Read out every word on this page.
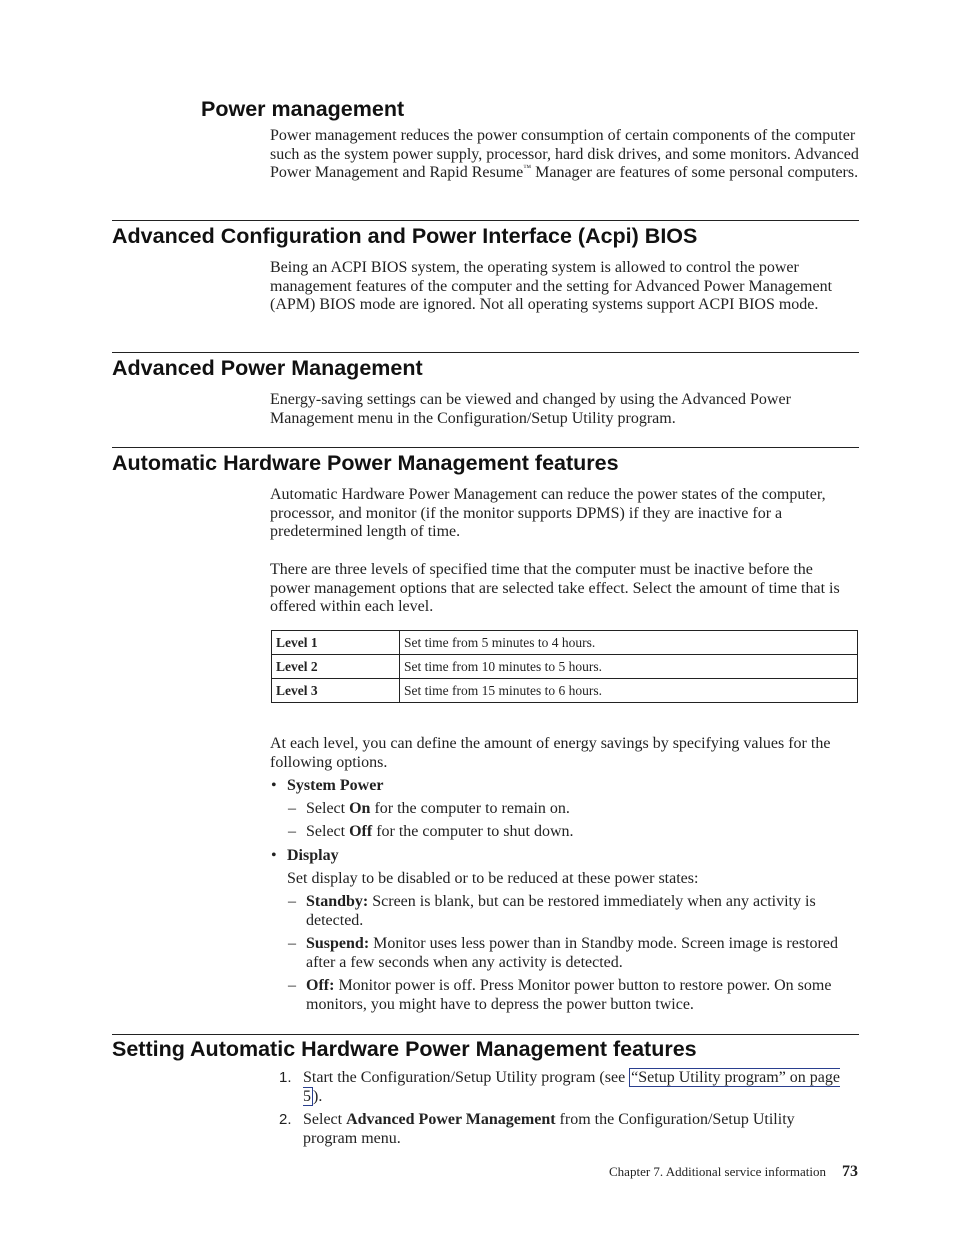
Power management

Power management reduces the power consumption of certain components of the computer such as the system power supply, processor, hard disk drives, and some monitors. Advanced Power Management and Rapid Resume™ Manager are features of some personal computers.

Advanced Configuration and Power Interface (Acpi) BIOS

Being an ACPI BIOS system, the operating system is allowed to control the power management features of the computer and the setting for Advanced Power Management (APM) BIOS mode are ignored. Not all operating systems support ACPI BIOS mode.

Advanced Power Management

Energy-saving settings can be viewed and changed by using the Advanced Power Management menu in the Configuration/Setup Utility program.

Automatic Hardware Power Management features

Automatic Hardware Power Management can reduce the power states of the computer, processor, and monitor (if the monitor supports DPMS) if they are inactive for a predetermined length of time.

There are three levels of specified time that the computer must be inactive before the power management options that are selected take effect. Select the amount of time that is offered within each level.

Level 1	Set time from 5 minutes to 4 hours.
Level 2	Set time from 10 minutes to 5 hours.
Level 3	Set time from 15 minutes to 6 hours.

At each level, you can define the amount of energy savings by specifying values for the following options.

• System Power
– Select On for the computer to remain on.
– Select Off for the computer to shut down.
• Display
Set display to be disabled or to be reduced at these power states:
– Standby: Screen is blank, but can be restored immediately when any activity is detected.
– Suspend: Monitor uses less power than in Standby mode. Screen image is restored after a few seconds when any activity is detected.
– Off: Monitor power is off. Press Monitor power button to restore power. On some monitors, you might have to depress the power button twice.
Setting Automatic Hardware Power Management features
1. Start the Configuration/Setup Utility program (see “Setup Utility program” on page 5 ).
2. Select Advanced Power Management from the Configuration/Setup Utility program menu.
Chapter 7. Additional service information 73
